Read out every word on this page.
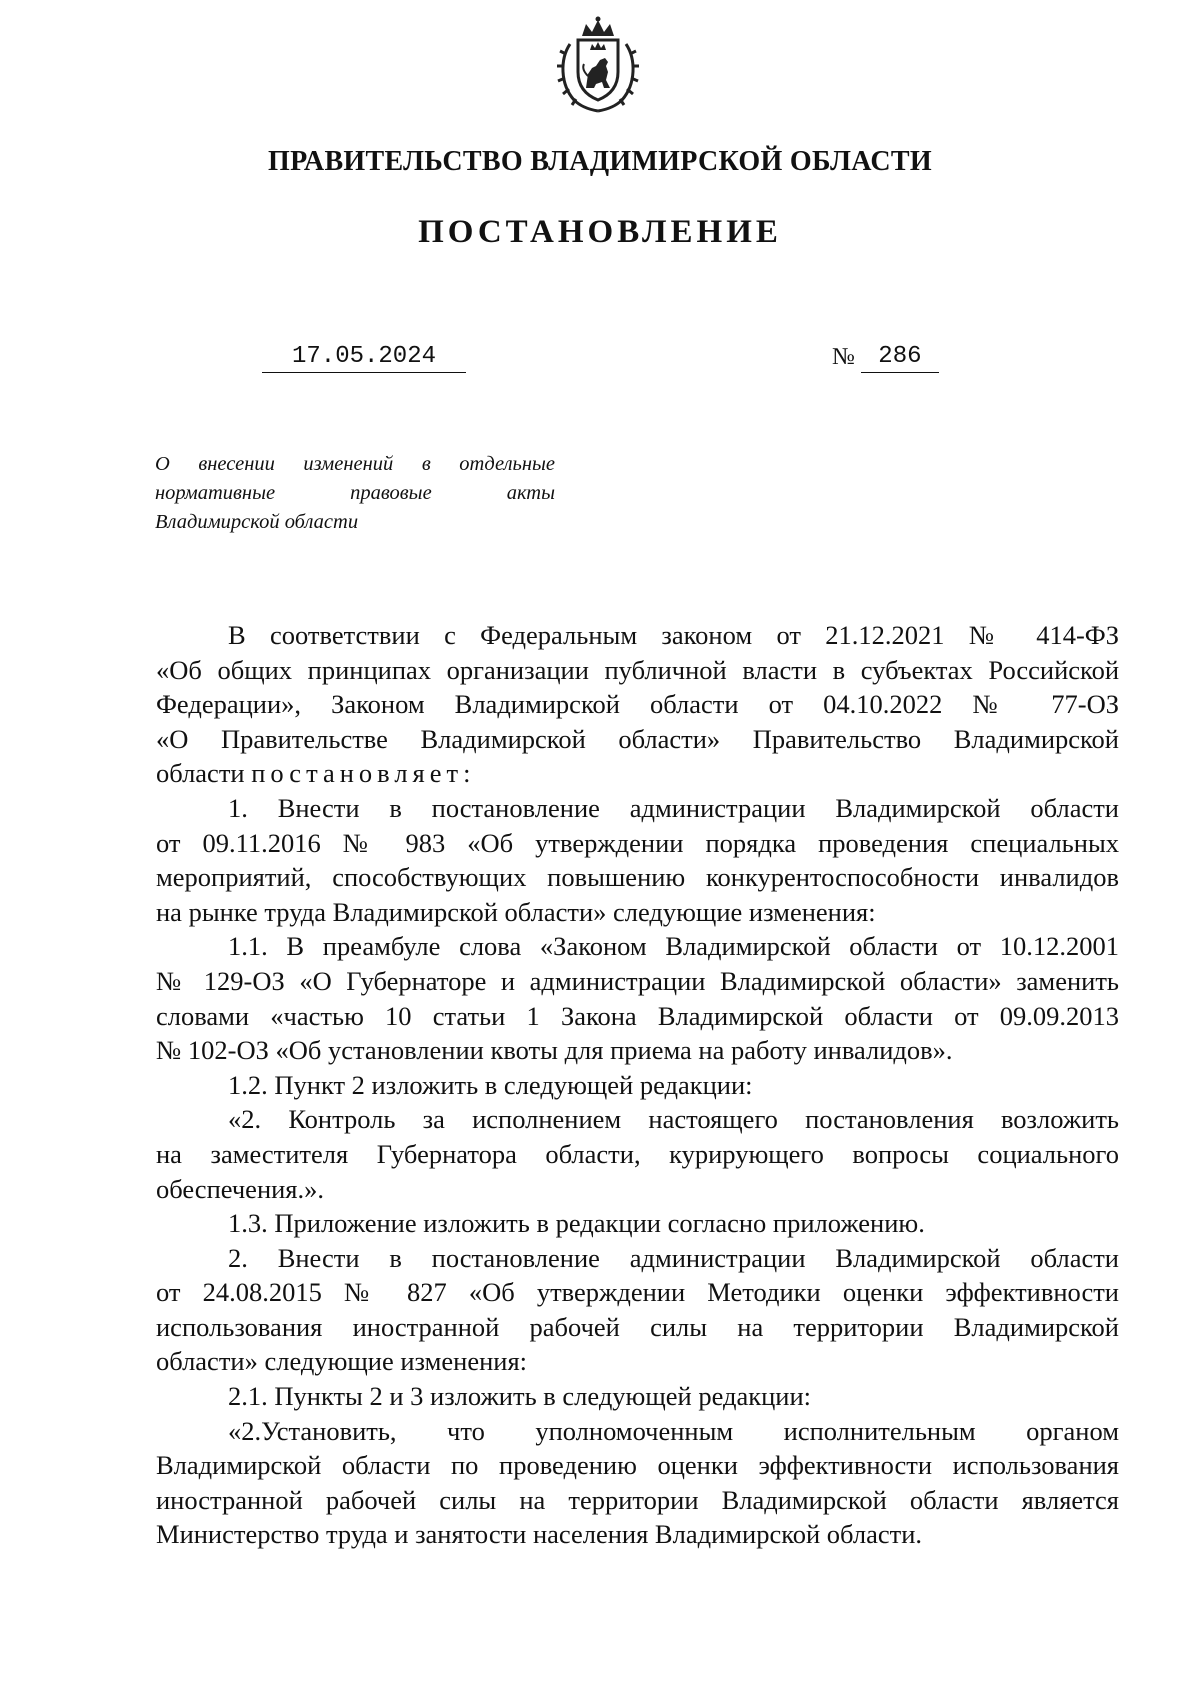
ПРАВИТЕЛЬСТВО ВЛАДИМИРСКОЙ ОБЛАСТИ
ПОСТАНОВЛЕНИЕ
17.05.2024	№ 286
О внесении изменений в отдельные
нормативные правовые акты
Владимирской области
В соответствии с Федеральным законом от 21.12.2021 № 414-ФЗ
«Об общих принципах организации публичной власти в субъектах Российской
Федерации», Законом Владимирской области от 04.10.2022 № 77-ОЗ
«О Правительстве Владимирской области» Правительство Владимирской
области постановляет:
1. Внести в постановление администрации Владимирской области
от 09.11.2016 № 983 «Об утверждении порядка проведения специальных
мероприятий, способствующих повышению конкурентоспособности инвалидов
на рынке труда Владимирской области» следующие изменения:
1.1. В преамбуле слова «Законом Владимирской области от 10.12.2001
№ 129-ОЗ «О Губернаторе и администрации Владимирской области» заменить
словами «частью 10 статьи 1 Закона Владимирской области от 09.09.2013
№ 102-ОЗ «Об установлении квоты для приема на работу инвалидов».
1.2. Пункт 2 изложить в следующей редакции:
«2. Контроль за исполнением настоящего постановления возложить
на заместителя Губернатора области, курирующего вопросы социального
обеспечения.».
1.3. Приложение изложить в редакции согласно приложению.
2. Внести в постановление администрации Владимирской области
от 24.08.2015 № 827 «Об утверждении Методики оценки эффективности
использования иностранной рабочей силы на территории Владимирской
области» следующие изменения:
2.1. Пункты 2 и 3 изложить в следующей редакции:
«2.Установить, что уполномоченным исполнительным органом
Владимирской области по проведению оценки эффективности использования
иностранной рабочей силы на территории Владимирской области является
Министерство труда и занятости населения Владимирской области.
